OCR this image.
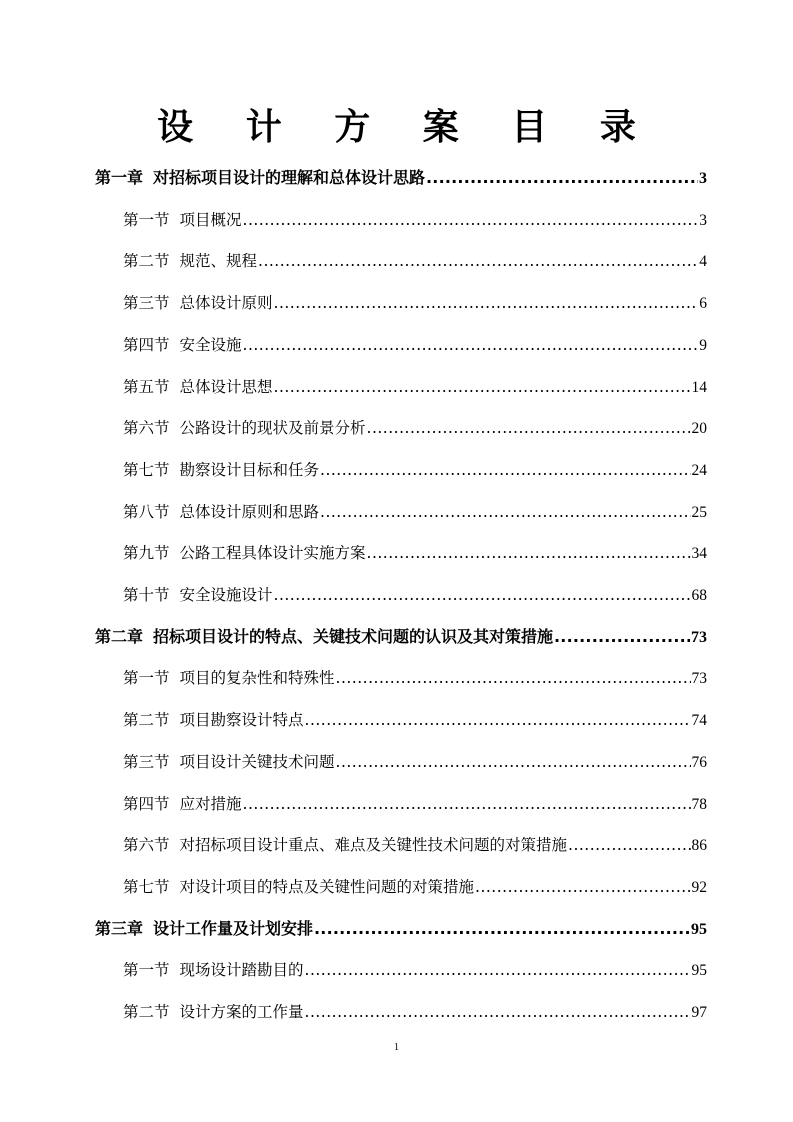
设 计 方 案 目 录
第一章 对招标项目设计的理解和总体设计思路 .....	3
第一节 项目概况 .....	3
第二节 规范、规程 .....	4
第三节 总体设计原则 .....	6
第四节 安全设施 .....	9
第五节 总体设计思想 .....	14
第六节 公路设计的现状及前景分析 .....	20
第七节 勘察设计目标和任务 .....	24
第八节 总体设计原则和思路 .....	25
第九节 公路工程具体设计实施方案 .....	34
第十节 安全设施设计 .....	68
第二章 招标项目设计的特点、关键技术问题的认识及其对策措施 .....	73
第一节 项目的复杂性和特殊性 .....	73
第二节 项目勘察设计特点 .....	74
第三节 项目设计关键技术问题 .....	76
第四节 应对措施 .....	78
第六节 对招标项目设计重点、难点及关键性技术问题的对策措施 .....	86
第七节 对设计项目的特点及关键性问题的对策措施 .....	92
第三章 设计工作量及计划安排 .....	95
第一节 现场设计踏勘目的 .....	95
第二节 设计方案的工作量 .....	97
1
